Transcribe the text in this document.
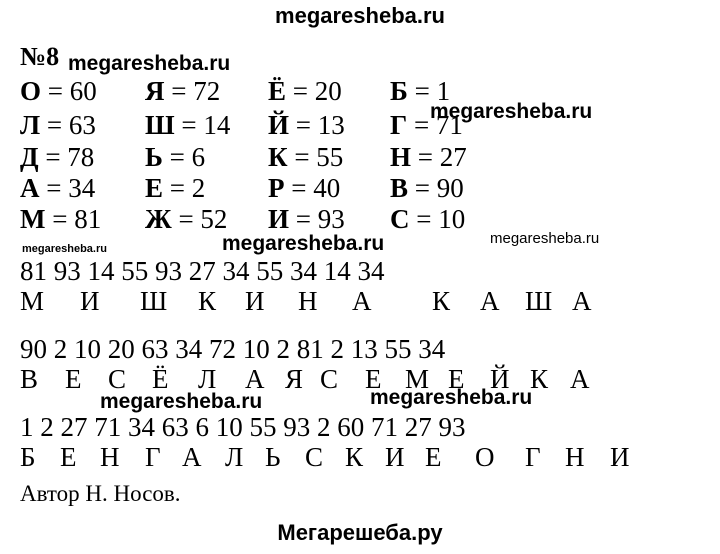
megaresheba.ru
№8 megaresheba.ru
megaresheba.ru
megaresheba.ru	megaresheba.ru	megaresheba.ru
megaresheba.ru	megaresheba.ru
О = 60 Я = 72 Ё = 20 Б = 1
Л = 63 Ш = 14 Й = 13 Г = 71
Д = 78 Ь = 6 К = 55 Н = 27
А = 34 Е = 2 Р = 40 В = 90
М = 81 Ж = 52 И = 93 С = 10
81 93 14 55 93 27 34 55 34 14 34
М И Ш К И Н А К А Ш А
90 2 10 20 63 34 72 10 2 81 2 13 55 34
В Е С Ё Л А Я С Е М Е Й К А
1 2 27 71 34 63 6 10 55 93 2 60 71 27 93
Б Е Н Г А Л Ь С К И Е О Г Н И
Автор Н. Носов.
Мегарешеба.ру
